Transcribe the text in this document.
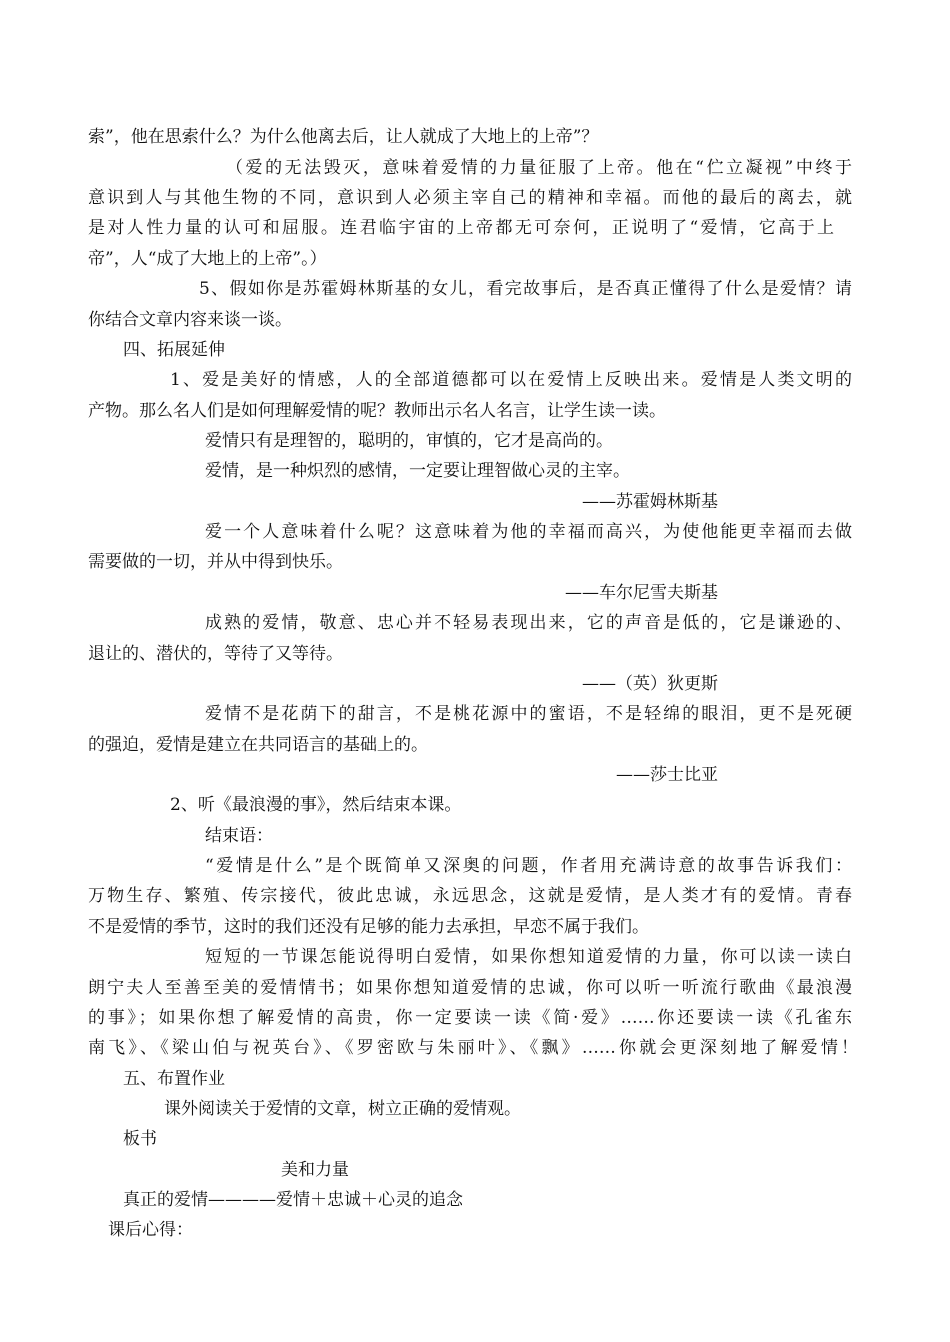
索”，他在思索什么？为什么他离去后，让人就成了大地上的上帝”？
（爱的无法毁灭，意味着爱情的力量征服了上帝。他在“伫立凝视”中终于
意识到人与其他生物的不同，意识到人必须主宰自己的精神和幸福。而他的最后的离去，就
是对人性力量的认可和屈服。连君临宇宙的上帝都无可奈何，正说明了“爱情，它高于上
帝”，人“成了大地上的上帝”。）
5、假如你是苏霍姆林斯基的女儿，看完故事后，是否真正懂得了什么是爱情？请
你结合文章内容来谈一谈。
四、拓展延伸
1、爱是美好的情感，人的全部道德都可以在爱情上反映出来。爱情是人类文明的
产物。那么名人们是如何理解爱情的呢？教师出示名人名言，让学生读一读。
爱情只有是理智的，聪明的，审慎的，它才是高尚的。
爱情，是一种炽烈的感情，一定要让理智做心灵的主宰。
——苏霍姆林斯基
爱一个人意味着什么呢？这意味着为他的幸福而高兴，为使他能更幸福而去做
需要做的一切，并从中得到快乐。
——车尔尼雪夫斯基
成熟的爱情，敬意、忠心并不轻易表现出来，它的声音是低的，它是谦逊的、
退让的、潜伏的，等待了又等待。
——（英）狄更斯
爱情不是花荫下的甜言，不是桃花源中的蜜语，不是轻绵的眼泪，更不是死硬
的强迫，爱情是建立在共同语言的基础上的。
——莎士比亚
2、听《最浪漫的事》，然后结束本课。
结束语：
“爱情是什么”是个既简单又深奥的问题，作者用充满诗意的故事告诉我们：
万物生存、繁殖、传宗接代，彼此忠诚，永远思念，这就是爱情，是人类才有的爱情。青春
不是爱情的季节，这时的我们还没有足够的能力去承担，早恋不属于我们。
短短的一节课怎能说得明白爱情，如果你想知道爱情的力量，你可以读一读白
朗宁夫人至善至美的爱情情书；如果你想知道爱情的忠诚，你可以听一听流行歌曲《最浪漫
的事》；如果你想了解爱情的高贵，你一定要读一读《简·爱》……你还要读一读《孔雀东
南飞》、《梁山伯与祝英台》、《罗密欧与朱丽叶》、《飘》……你就会更深刻地了解爱情！
五、布置作业
课外阅读关于爱情的文章，树立正确的爱情观。
板书
美和力量
真正的爱情————爱情＋忠诚＋心灵的追念
课后心得：
